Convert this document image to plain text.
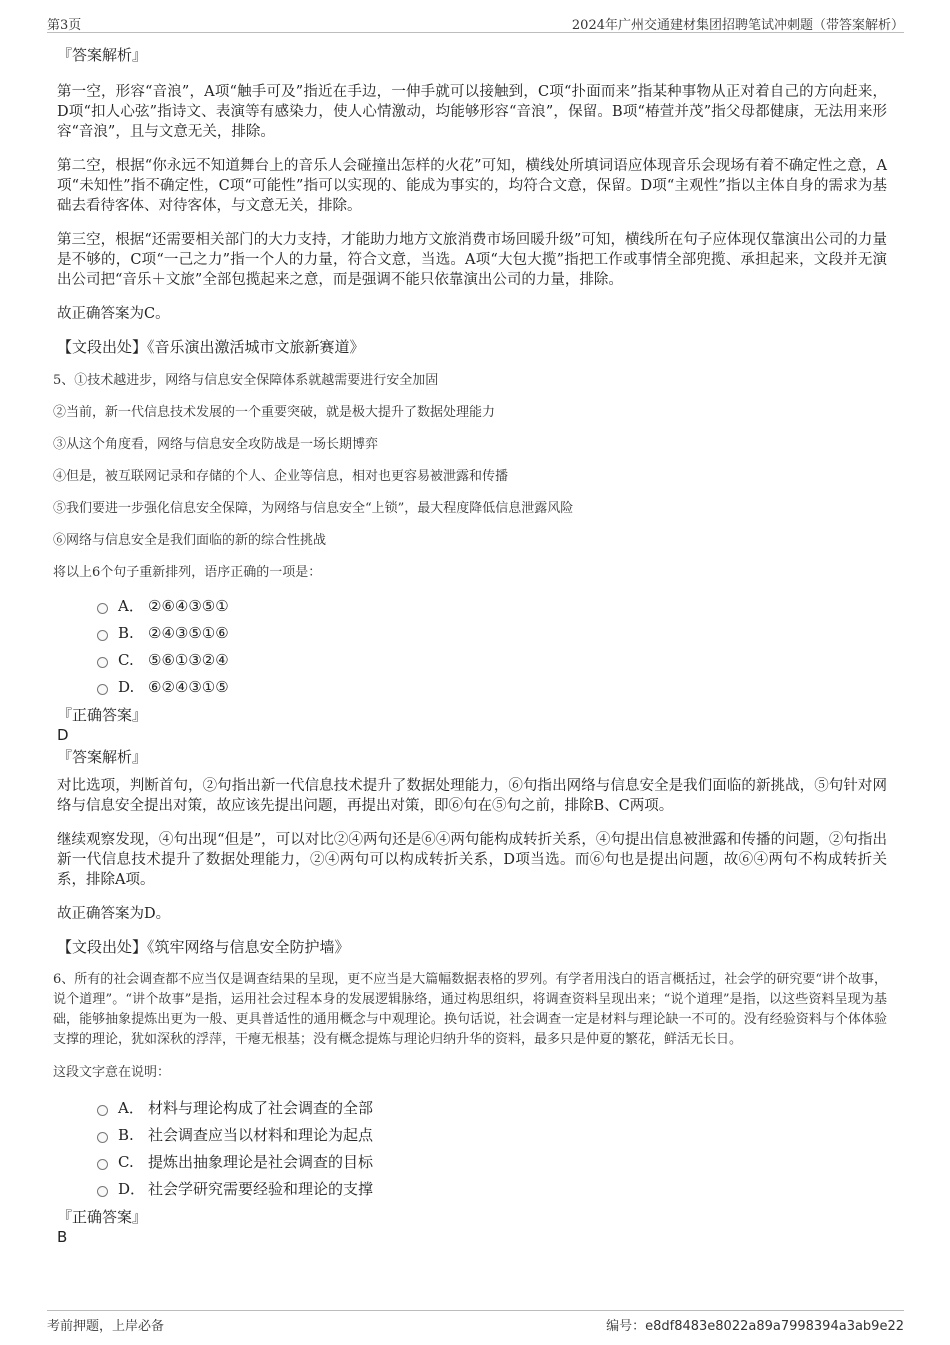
第3页	2024年广州交通建材集团招聘笔试冲刺题（带答案解析）

『答案解析』

第一空，形容“音浪”，A项“触手可及”指近在手边，一伸手就可以接触到，C项“扑面而来”指某种事物从正对着自己的方向赶来，D项“扣人心弦”指诗文、表演等有感染力，使人心情激动，均能够形容“音浪”，保留。B项“椿萱并茂”指父母都健康，无法用来形容“音浪”，且与文意无关，排除。

第二空，根据“你永远不知道舞台上的音乐人会碰撞出怎样的火花”可知，横线处所填词语应体现音乐会现场有着不确定性之意，A项“未知性”指不确定性，C项“可能性”指可以实现的、能成为事实的，均符合文意，保留。D项“主观性”指以主体自身的需求为基础去看待客体、对待客体，与文意无关，排除。

第三空，根据“还需要相关部门的大力支持，才能助力地方文旅消费市场回暖升级”可知，横线所在句子应体现仅靠演出公司的力量是不够的，C项“一己之力”指一个人的力量，符合文意，当选。A项“大包大揽”指把工作或事情全部兜揽、承担起来，文段并无演出公司把“音乐＋文旅”全部包揽起来之意，而是强调不能只依靠演出公司的力量，排除。

故正确答案为C。

【文段出处】《音乐演出激活城市文旅新赛道》

5、①技术越进步，网络与信息安全保障体系就越需要进行安全加固

②当前，新一代信息技术发展的一个重要突破，就是极大提升了数据处理能力

③从这个角度看，网络与信息安全攻防战是一场长期博弈

④但是，被互联网记录和存储的个人、企业等信息，相对也更容易被泄露和传播

⑤我们要进一步强化信息安全保障，为网络与信息安全“上锁”，最大程度降低信息泄露风险

⑥网络与信息安全是我们面临的新的综合性挑战

将以上6个句子重新排列，语序正确的一项是：

A． ②⑥④③⑤①
B. ②④③⑤①⑥
C. ⑤⑥①③②④
D. ⑥②④③①⑤

『正确答案』

D

『答案解析』

对比选项，判断首句，②句指出新一代信息技术提升了数据处理能力，⑥句指出网络与信息安全是我们面临的新挑战，⑤句针对网络与信息安全提出对策，故应该先提出问题，再提出对策，即⑥句在⑤句之前，排除B、C两项。

继续观察发现，④句出现“但是”，可以对比②④两句还是⑥④两句能构成转折关系，④句提出信息被泄露和传播的问题，②句指出新一代信息技术提升了数据处理能力，②④两句可以构成转折关系，D项当选。而⑥句也是提出问题，故⑥④两句不构成转折关系，排除A项。

故正确答案为D。

【文段出处】《筑牢网络与信息安全防护墙》

6、所有的社会调查都不应当仅是调查结果的呈现，更不应当是大篇幅数据表格的罗列。有学者用浅白的语言概括过，社会学的研究要“讲个故事，说个道理”。“讲个故事”是指，运用社会过程本身的发展逻辑脉络，通过构思组织，将调查资料呈现出来；“说个道理”是指，以这些资料呈现为基础，能够抽象提炼出更为一般、更具普适性的通用概念与中观理论。换句话说，社会调查一定是材料与理论缺一不可的。没有经验资料与个体体验支撑的理论，犹如深秋的浮萍，干瘪无根基；没有概念提炼与理论归纳升华的资料，最多只是仲夏的繁花，鲜活无长日。

这段文字意在说明：

A． 材料与理论构成了社会调查的全部
B. 社会调查应当以材料和理论为起点
C. 提炼出抽象理论是社会调查的目标
D． 社会学研究需要经验和理论的支撑

『正确答案』

B

考前押题，上岸必备	编号：e8df8483e8022a89a7998394a3ab9e22
